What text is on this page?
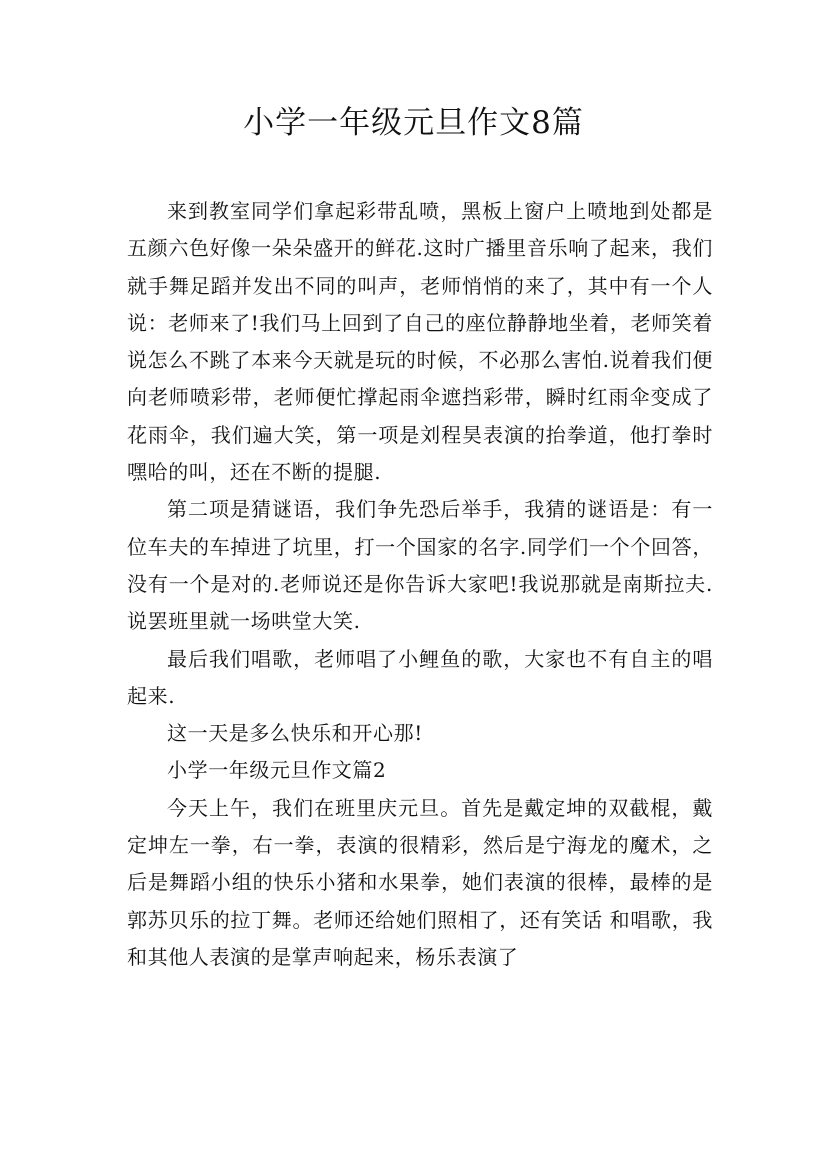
小学一年级元旦作文8篇

来到教室同学们拿起彩带乱喷，黑板上窗户上喷地到处都是五颜六色好像一朵朵盛开的鲜花.这时广播里音乐响了起来，我们就手舞足蹈并发出不同的叫声，老师悄悄的来了，其中有一个人说：老师来了!我们马上回到了自己的座位静静地坐着，老师笑着说怎么不跳了本来今天就是玩的时候，不必那么害怕.说着我们便向老师喷彩带，老师便忙撑起雨伞遮挡彩带，瞬时红雨伞变成了花雨伞，我们遍大笑，第一项是刘程昊表演的抬拳道，他打拳时嘿哈的叫，还在不断的提腿.

第二项是猜谜语，我们争先恐后举手，我猜的谜语是：有一位车夫的车掉进了坑里，打一个国家的名字.同学们一个个回答，没有一个是对的.老师说还是你告诉大家吧!我说那就是南斯拉夫.说罢班里就一场哄堂大笑.

最后我们唱歌，老师唱了小鲤鱼的歌，大家也不有自主的唱起来.

这一天是多么快乐和开心那!

小学一年级元旦作文篇2

今天上午，我们在班里庆元旦。首先是戴定坤的双截棍，戴定坤左一拳，右一拳，表演的很精彩，然后是宁海龙的魔术，之后是舞蹈小组的快乐小猪和水果拳，她们表演的很棒，最棒的是郭苏贝乐的拉丁舞。老师还给她们照相了，还有笑话 和唱歌，我和其他人表演的是掌声响起来，杨乐表演了
